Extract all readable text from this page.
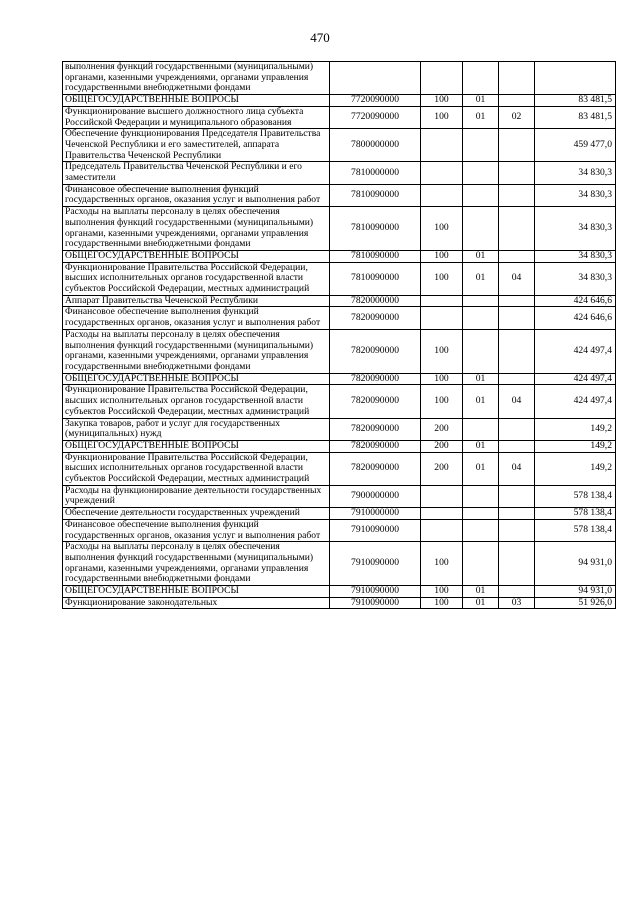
470
выполнения функций государственными (муниципальными) органами, казенными учреждениями, органами управления государственными внебюджетными фондами					
ОБЩЕГОСУДАРСТВЕННЫЕ ВОПРОСЫ	7720090000	100	01		83 481,5
Функционирование высшего должностного лица субъекта Российской Федерации и муниципального образования	7720090000	100	01	02	83 481,5
Обеспечение функционирования Председателя Правительства Чеченской Республики и его заместителей, аппарата Правительства Чеченской Республики	7800000000				459 477,0
Председатель Правительства Чеченской Республики и его заместители	7810000000				34 830,3
Финансовое обеспечение выполнения функций государственных органов, оказания услуг и выполнения работ	7810090000				34 830,3
Расходы на выплаты персоналу в целях обеспечения выполнения функций государственными (муниципальными) органами, казенными учреждениями, органами управления государственными внебюджетными фондами	7810090000	100			34 830,3
ОБЩЕГОСУДАРСТВЕННЫЕ ВОПРОСЫ	7810090000	100	01		34 830,3
Функционирование Правительства Российской Федерации, высших исполнительных органов государственной власти субъектов Российской Федерации, местных администраций	7810090000	100	01	04	34 830,3
Аппарат Правительства Чеченской Республики	7820000000				424 646,6
Финансовое обеспечение выполнения функций государственных органов, оказания услуг и выполнения работ	7820090000				424 646,6
Расходы на выплаты персоналу в целях обеспечения выполнения функций государственными (муниципальными) органами, казенными учреждениями, органами управления государственными внебюджетными фондами	7820090000	100			424 497,4
ОБЩЕГОСУДАРСТВЕННЫЕ ВОПРОСЫ	7820090000	100	01		424 497,4
Функционирование Правительства Российской Федерации, высших исполнительных органов государственной власти субъектов Российской Федерации, местных администраций	7820090000	100	01	04	424 497,4
Закупка товаров, работ и услуг для государственных (муниципальных) нужд	7820090000	200			149,2
ОБЩЕГОСУДАРСТВЕННЫЕ ВОПРОСЫ	7820090000	200	01		149,2
Функционирование Правительства Российской Федерации, высших исполнительных органов государственной власти субъектов Российской Федерации, местных администраций	7820090000	200	01	04	149,2
Расходы на функционирование деятельности государственных учреждений	7900000000				578 138,4
Обеспечение деятельности государственных учреждений	7910000000				578 138,4
Финансовое обеспечение выполнения функций государственных органов, оказания услуг и выполнения работ	7910090000				578 138,4
Расходы на выплаты персоналу в целях обеспечения выполнения функций государственными (муниципальными) органами, казенными учреждениями, органами управления государственными внебюджетными фондами	7910090000	100			94 931,0
ОБЩЕГОСУДАРСТВЕННЫЕ ВОПРОСЫ	7910090000	100	01		94 931,0
Функционирование законодательных	7910090000	100	01	03	51 926,0
